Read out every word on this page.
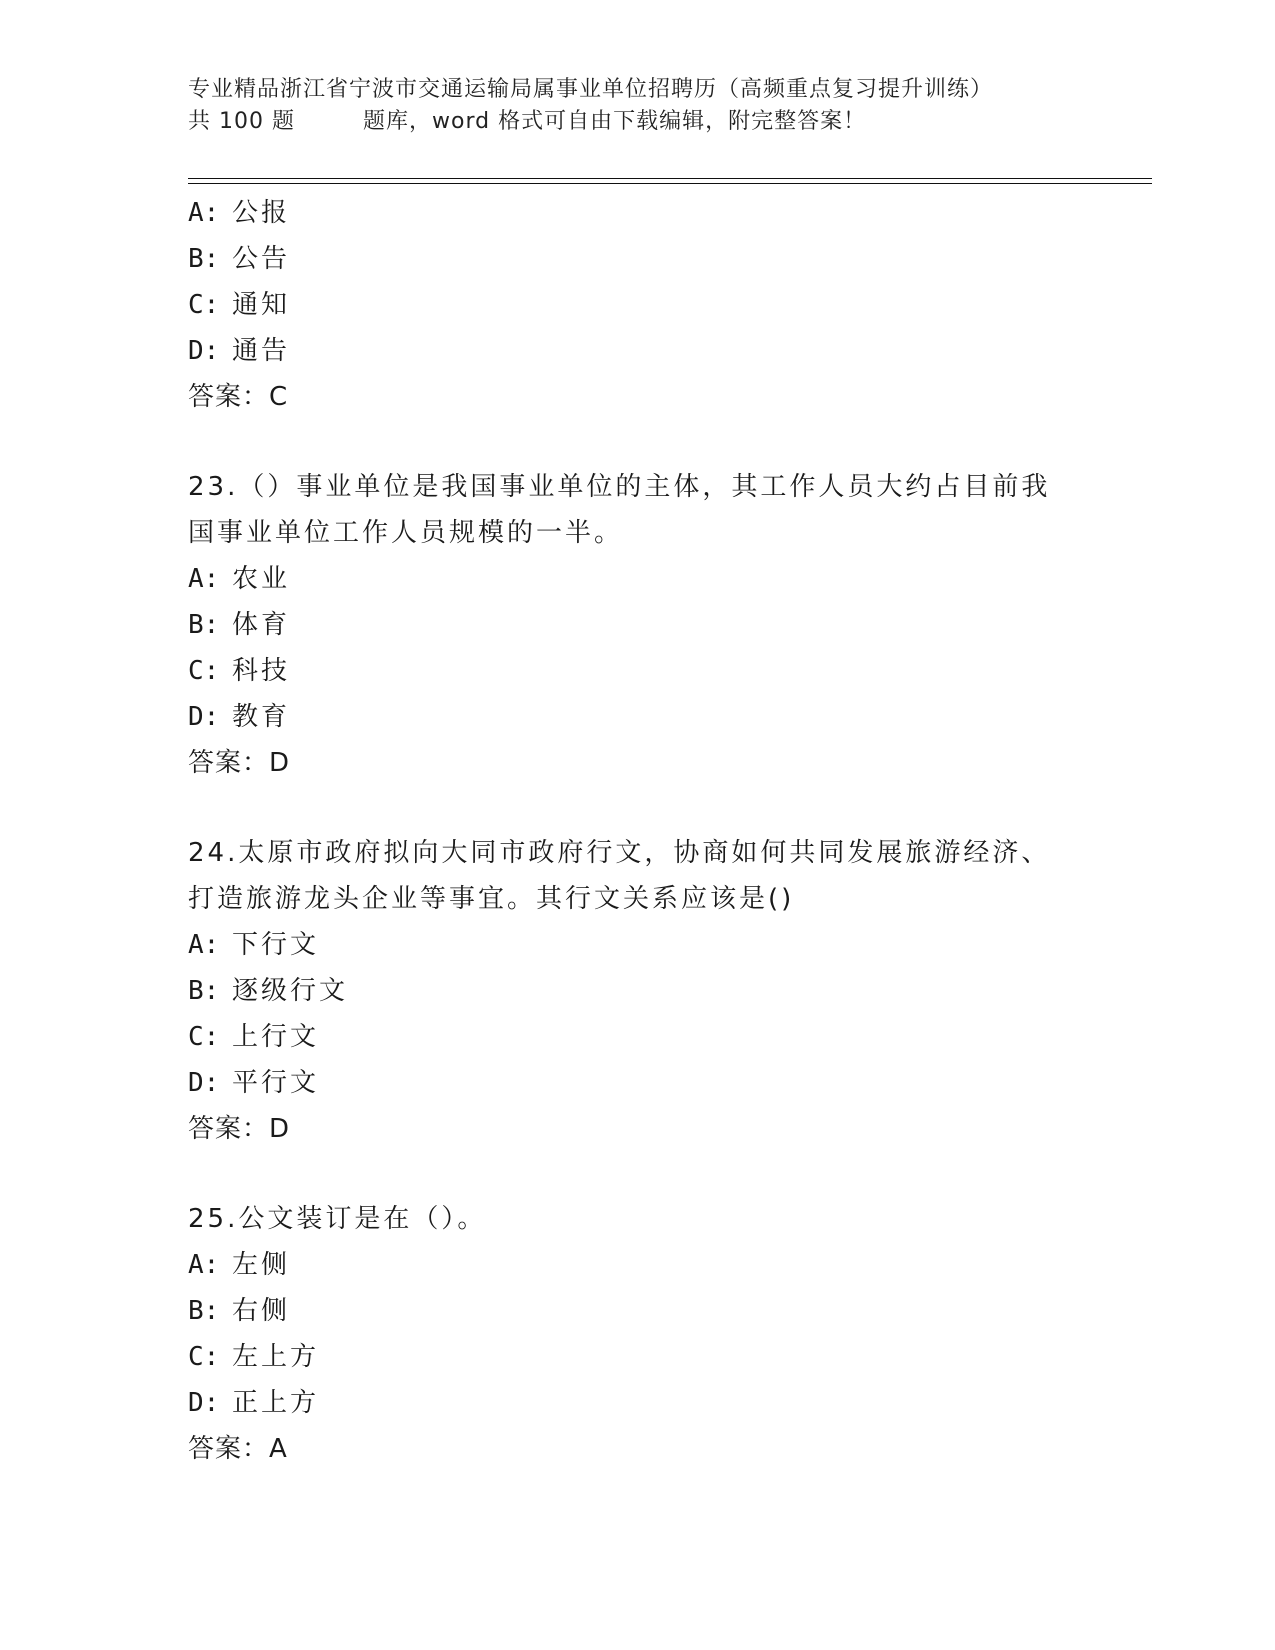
专业精品浙江省宁波市交通运输局属事业单位招聘历（高频重点复习提升训练）
共 100 题	题库，word 格式可自由下载编辑，附完整答案！
A: 公报
B: 公告
C: 通知
D: 通告
答案：C
23.（）事业单位是我国事业单位的主体，其工作人员大约占目前我国事业单位工作人员规模的一半。
A: 农业
B: 体育
C: 科技
D: 教育
答案：D
24.太原市政府拟向大同市政府行文，协商如何共同发展旅游经济、打造旅游龙头企业等事宜。其行文关系应该是()
A: 下行文
B: 逐级行文
C: 上行文
D: 平行文
答案：D
25.公文装订是在（）。
A: 左侧
B: 右侧
C: 左上方
D: 正上方
答案：A
